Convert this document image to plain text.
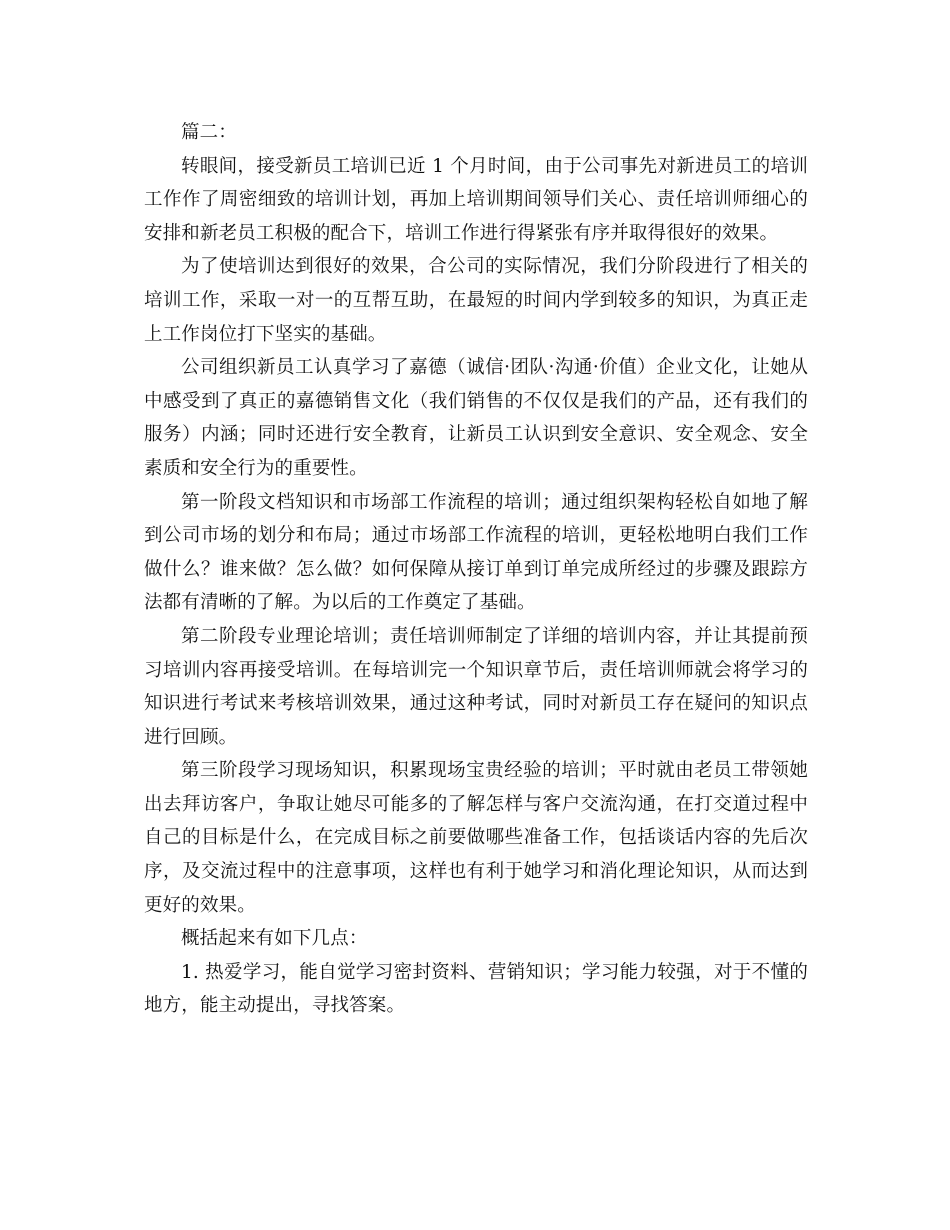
篇二：

转眼间，接受新员工培训已近 1 个月时间，由于公司事先对新进员工的培训工作作了周密细致的培训计划，再加上培训期间领导们关心、责任培训师细心的安排和新老员工积极的配合下，培训工作进行得紧张有序并取得很好的效果。

为了使培训达到很好的效果，合公司的实际情况，我们分阶段进行了相关的培训工作，采取一对一的互帮互助，在最短的时间内学到较多的知识，为真正走上工作岗位打下坚实的基础。

公司组织新员工认真学习了嘉德（诚信·团队·沟通·价值）企业文化，让她从中感受到了真正的嘉德销售文化（我们销售的不仅仅是我们的产品，还有我们的服务）内涵；同时还进行安全教育，让新员工认识到安全意识、安全观念、安全素质和安全行为的重要性。

第一阶段文档知识和市场部工作流程的培训；通过组织架构轻松自如地了解到公司市场的划分和布局；通过市场部工作流程的培训，更轻松地明白我们工作做什么？谁来做？怎么做？如何保障从接订单到订单完成所经过的步骤及跟踪方法都有清晰的了解。为以后的工作奠定了基础。

第二阶段专业理论培训；责任培训师制定了详细的培训内容，并让其提前预习培训内容再接受培训。在每培训完一个知识章节后，责任培训师就会将学习的知识进行考试来考核培训效果，通过这种考试，同时对新员工存在疑问的知识点进行回顾。

第三阶段学习现场知识，积累现场宝贵经验的培训；平时就由老员工带领她出去拜访客户，争取让她尽可能多的了解怎样与客户交流沟通，在打交道过程中自己的目标是什么，在完成目标之前要做哪些准备工作，包括谈话内容的先后次序，及交流过程中的注意事项，这样也有利于她学习和消化理论知识，从而达到更好的效果。

概括起来有如下几点：

1. 热爱学习，能自觉学习密封资料、营销知识；学习能力较强，对于不懂的地方，能主动提出，寻找答案。
